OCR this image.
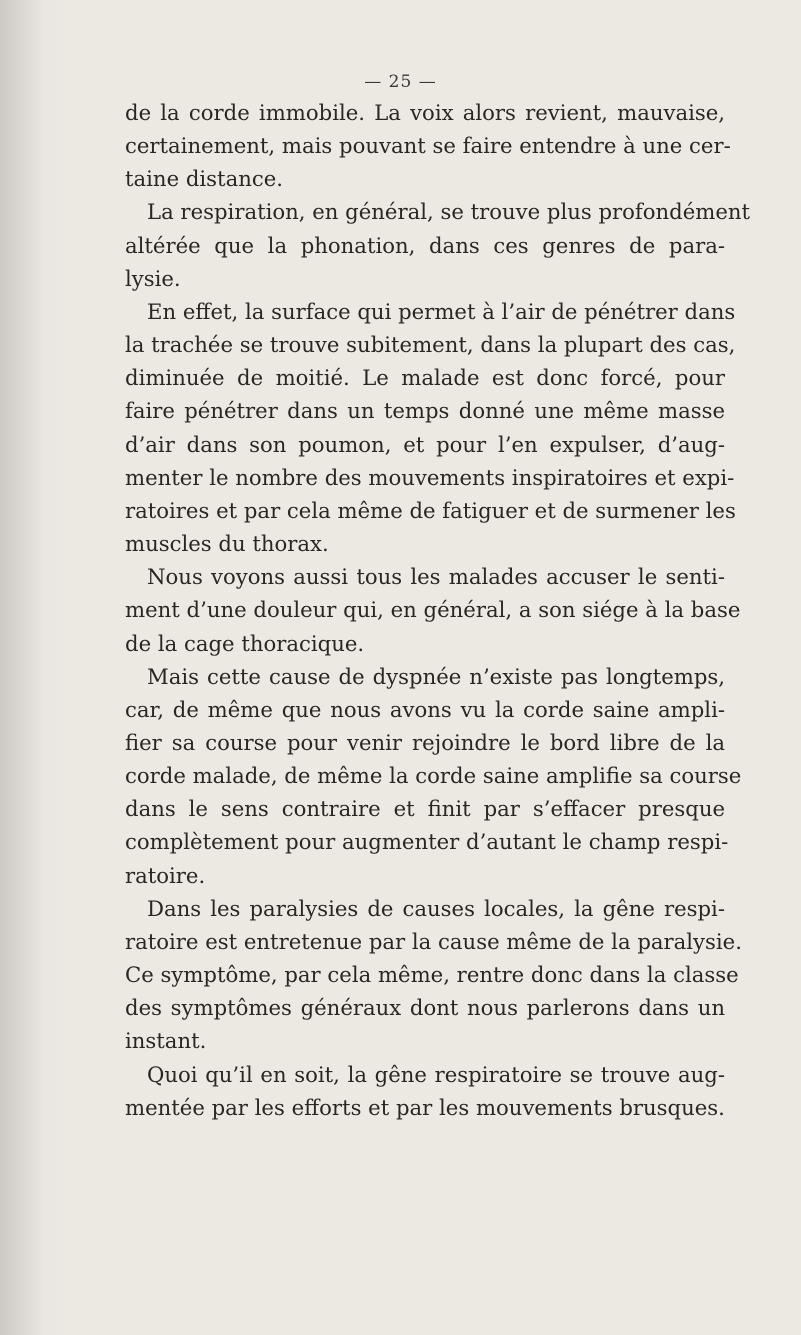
— 25 —

de la corde immobile. La voix alors revient, mauvaise,

certainement, mais pouvant se faire entendre à une cer-

taine distance.

La respiration, en général, se trouve plus profondément

altérée que la phonation, dans ces genres de para-

lysie.

En effet, la surface qui permet à l’air de pénétrer dans

la trachée se trouve subitement, dans la plupart des cas,

diminuée de moitié. Le malade est donc forcé, pour

faire pénétrer dans un temps donné une même masse

d’air dans son poumon, et pour l’en expulser, d’aug-

menter le nombre des mouvements inspiratoires et expi-

ratoires et par cela même de fatiguer et de surmener les

muscles du thorax.

Nous voyons aussi tous les malades accuser le senti-

ment d’une douleur qui, en général, a son siége à la base

de la cage thoracique.

Mais cette cause de dyspnée n’existe pas longtemps,

car, de même que nous avons vu la corde saine ampli-

fier sa course pour venir rejoindre le bord libre de la

corde malade, de même la corde saine amplifie sa course

dans le sens contraire et finit par s’effacer presque

complètement pour augmenter d’autant le champ respi-

ratoire.

Dans les paralysies de causes locales, la gêne respi-

ratoire est entretenue par la cause même de la paralysie.

Ce symptôme, par cela même, rentre donc dans la classe

des symptômes généraux dont nous parlerons dans un

instant.

Quoi qu’il en soit, la gêne respiratoire se trouve aug-

mentée par les efforts et par les mouvements brusques.
